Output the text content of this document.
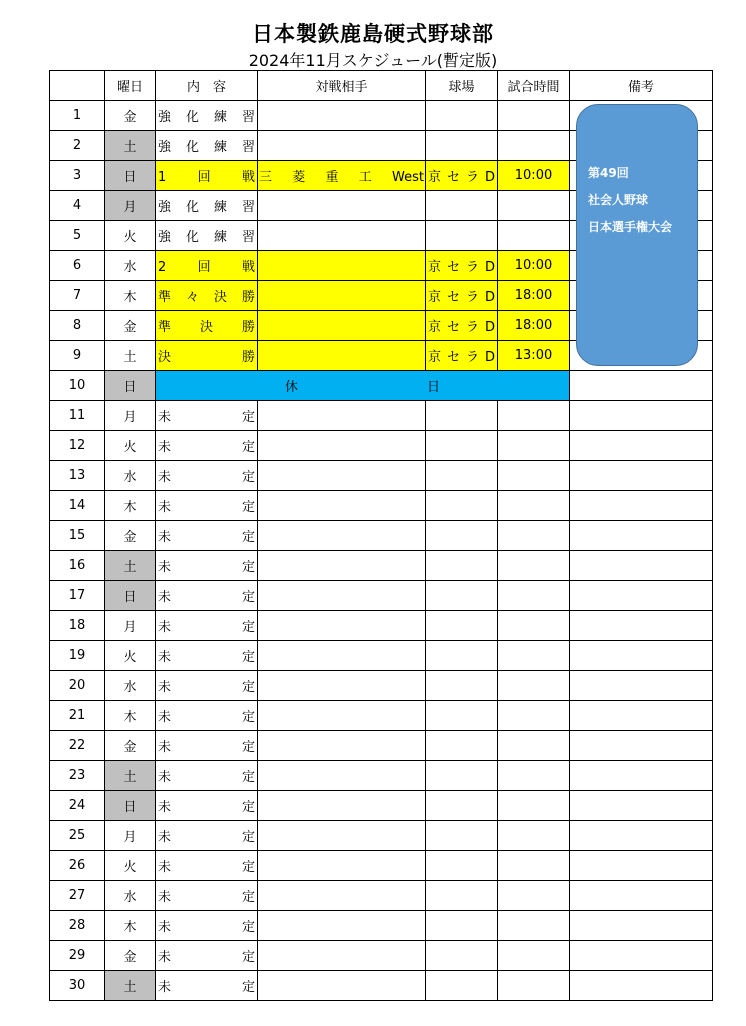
日本製鉄鹿島硬式野球部
2024年11月スケジュール(暫定版)
	曜日	内　容	対戦相手	球場	試合時間	備考
1	金	強化練習				

2	土	強化練習				

3	日	1回戦	三菱重工West	京セラD	10:00	
4	月	強化練習				

5	火	強化練習				

6	水	2回戦		京セラD	10:00	
7	木	準々決勝		京セラD	18:00	
8	金	準決勝		京セラD	18:00	
9	土	決勝		京セラD	13:00	
10	日	休 日				
11	月	未定				

12	火	未定				

13	水	未定				

14	木	未定				

15	金	未定				

16	土	未定				

17	日	未定				

18	月	未定				

19	火	未定				

20	水	未定				

21	木	未定				

22	金	未定				

23	土	未定				

24	日	未定				

25	月	未定				

26	火	未定				

27	水	未定				

28	木	未定				

29	金	未定				

30	土	未定				

第49回
社会人野球
日本選手権大会
